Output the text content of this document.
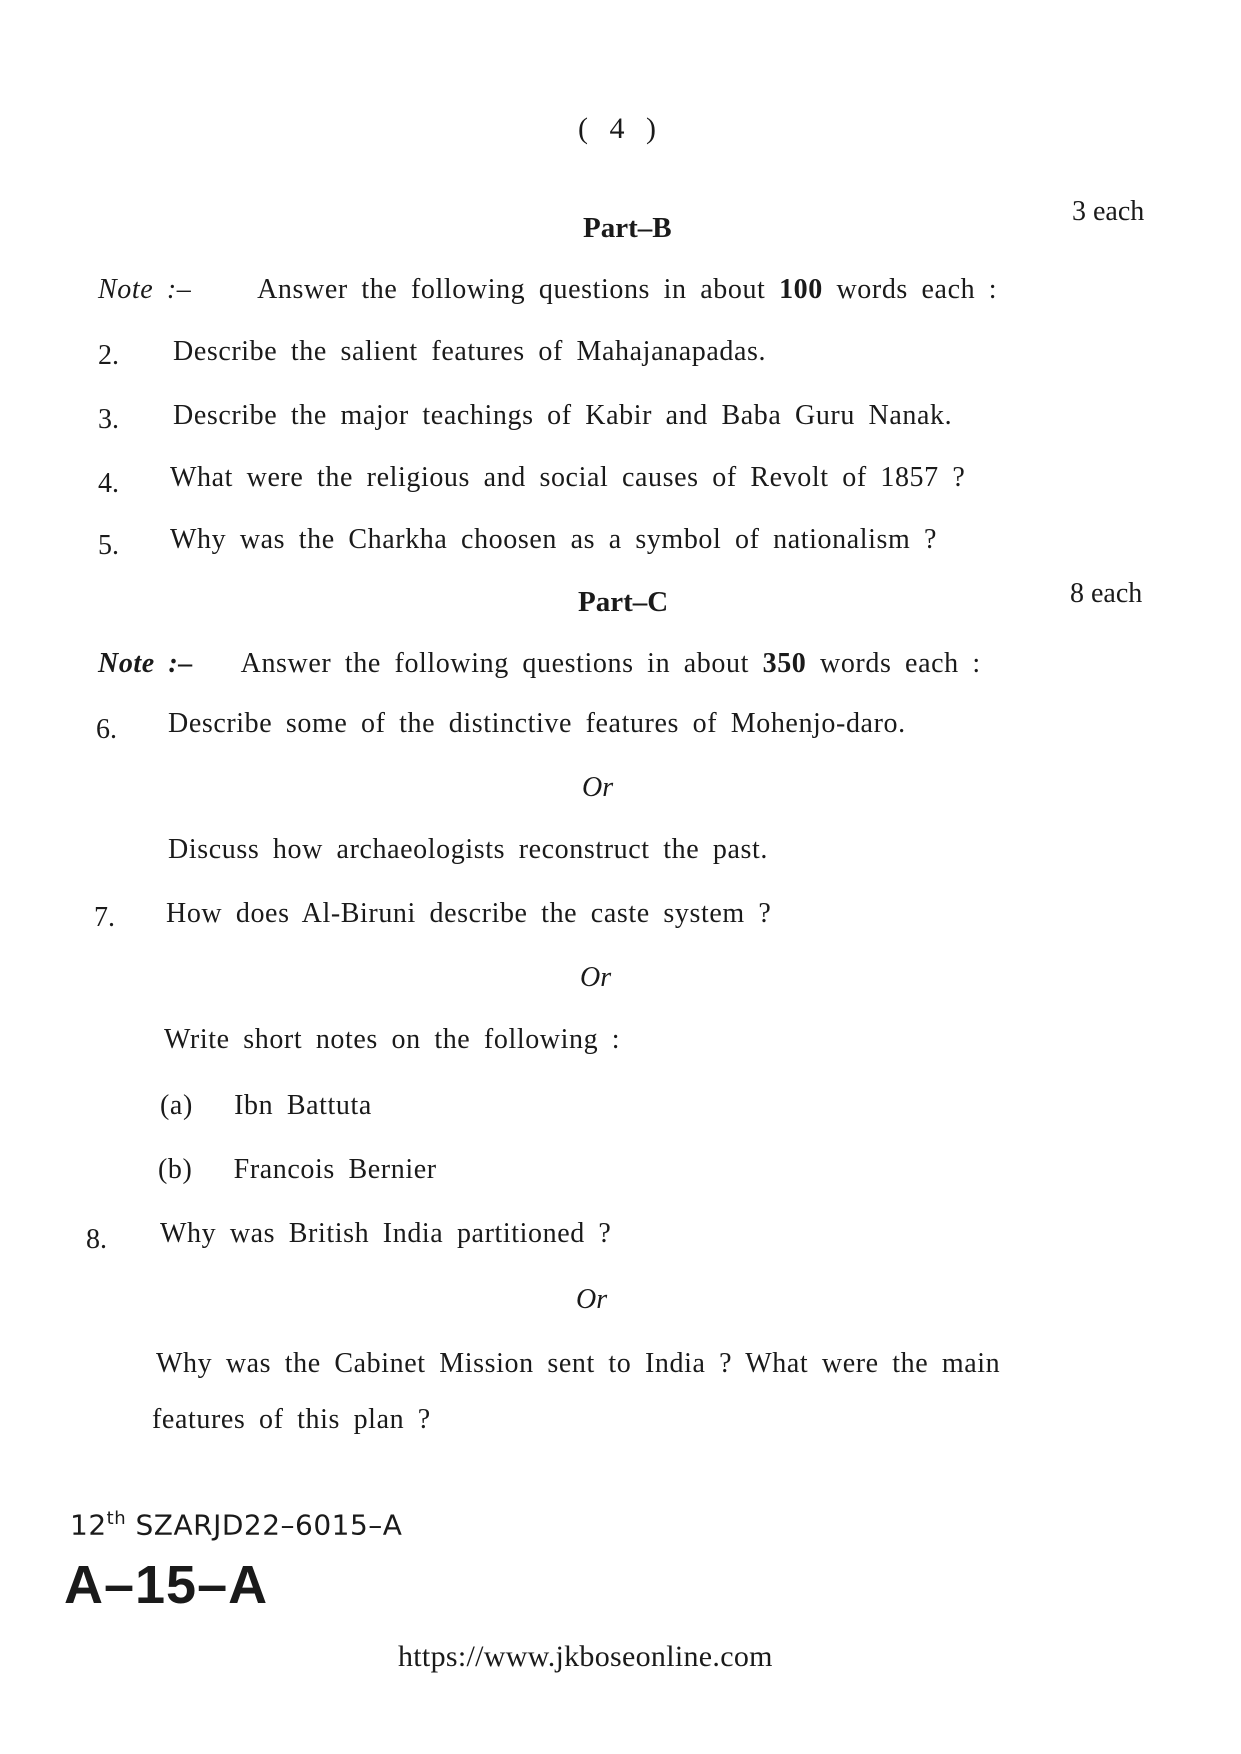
( 4 )
Part–B
3 each
Note :– Answer the following questions in about 100 words each :
2. Describe the salient features of Mahajanapadas.
3. Describe the major teachings of Kabir and Baba Guru Nanak.
4. What were the religious and social causes of Revolt of 1857 ?
5. Why was the Charkha choosen as a symbol of nationalism ?
Part–C	8 each
Note :– Answer the following questions in about 350 words each :
6. Describe some of the distinctive features of Mohenjo-daro.
Or
Discuss how archaeologists reconstruct the past.
7. How does Al-Biruni describe the caste system ?
Or
Write short notes on the following :
(a) Ibn Battuta
(b) Francois Bernier
8. Why was British India partitioned ?
Or
Why was the Cabinet Mission sent to India ? What were the main
features of this plan ?
12th SZARJD22–6015–A
A–15–A
https://www.jkboseonline.com
